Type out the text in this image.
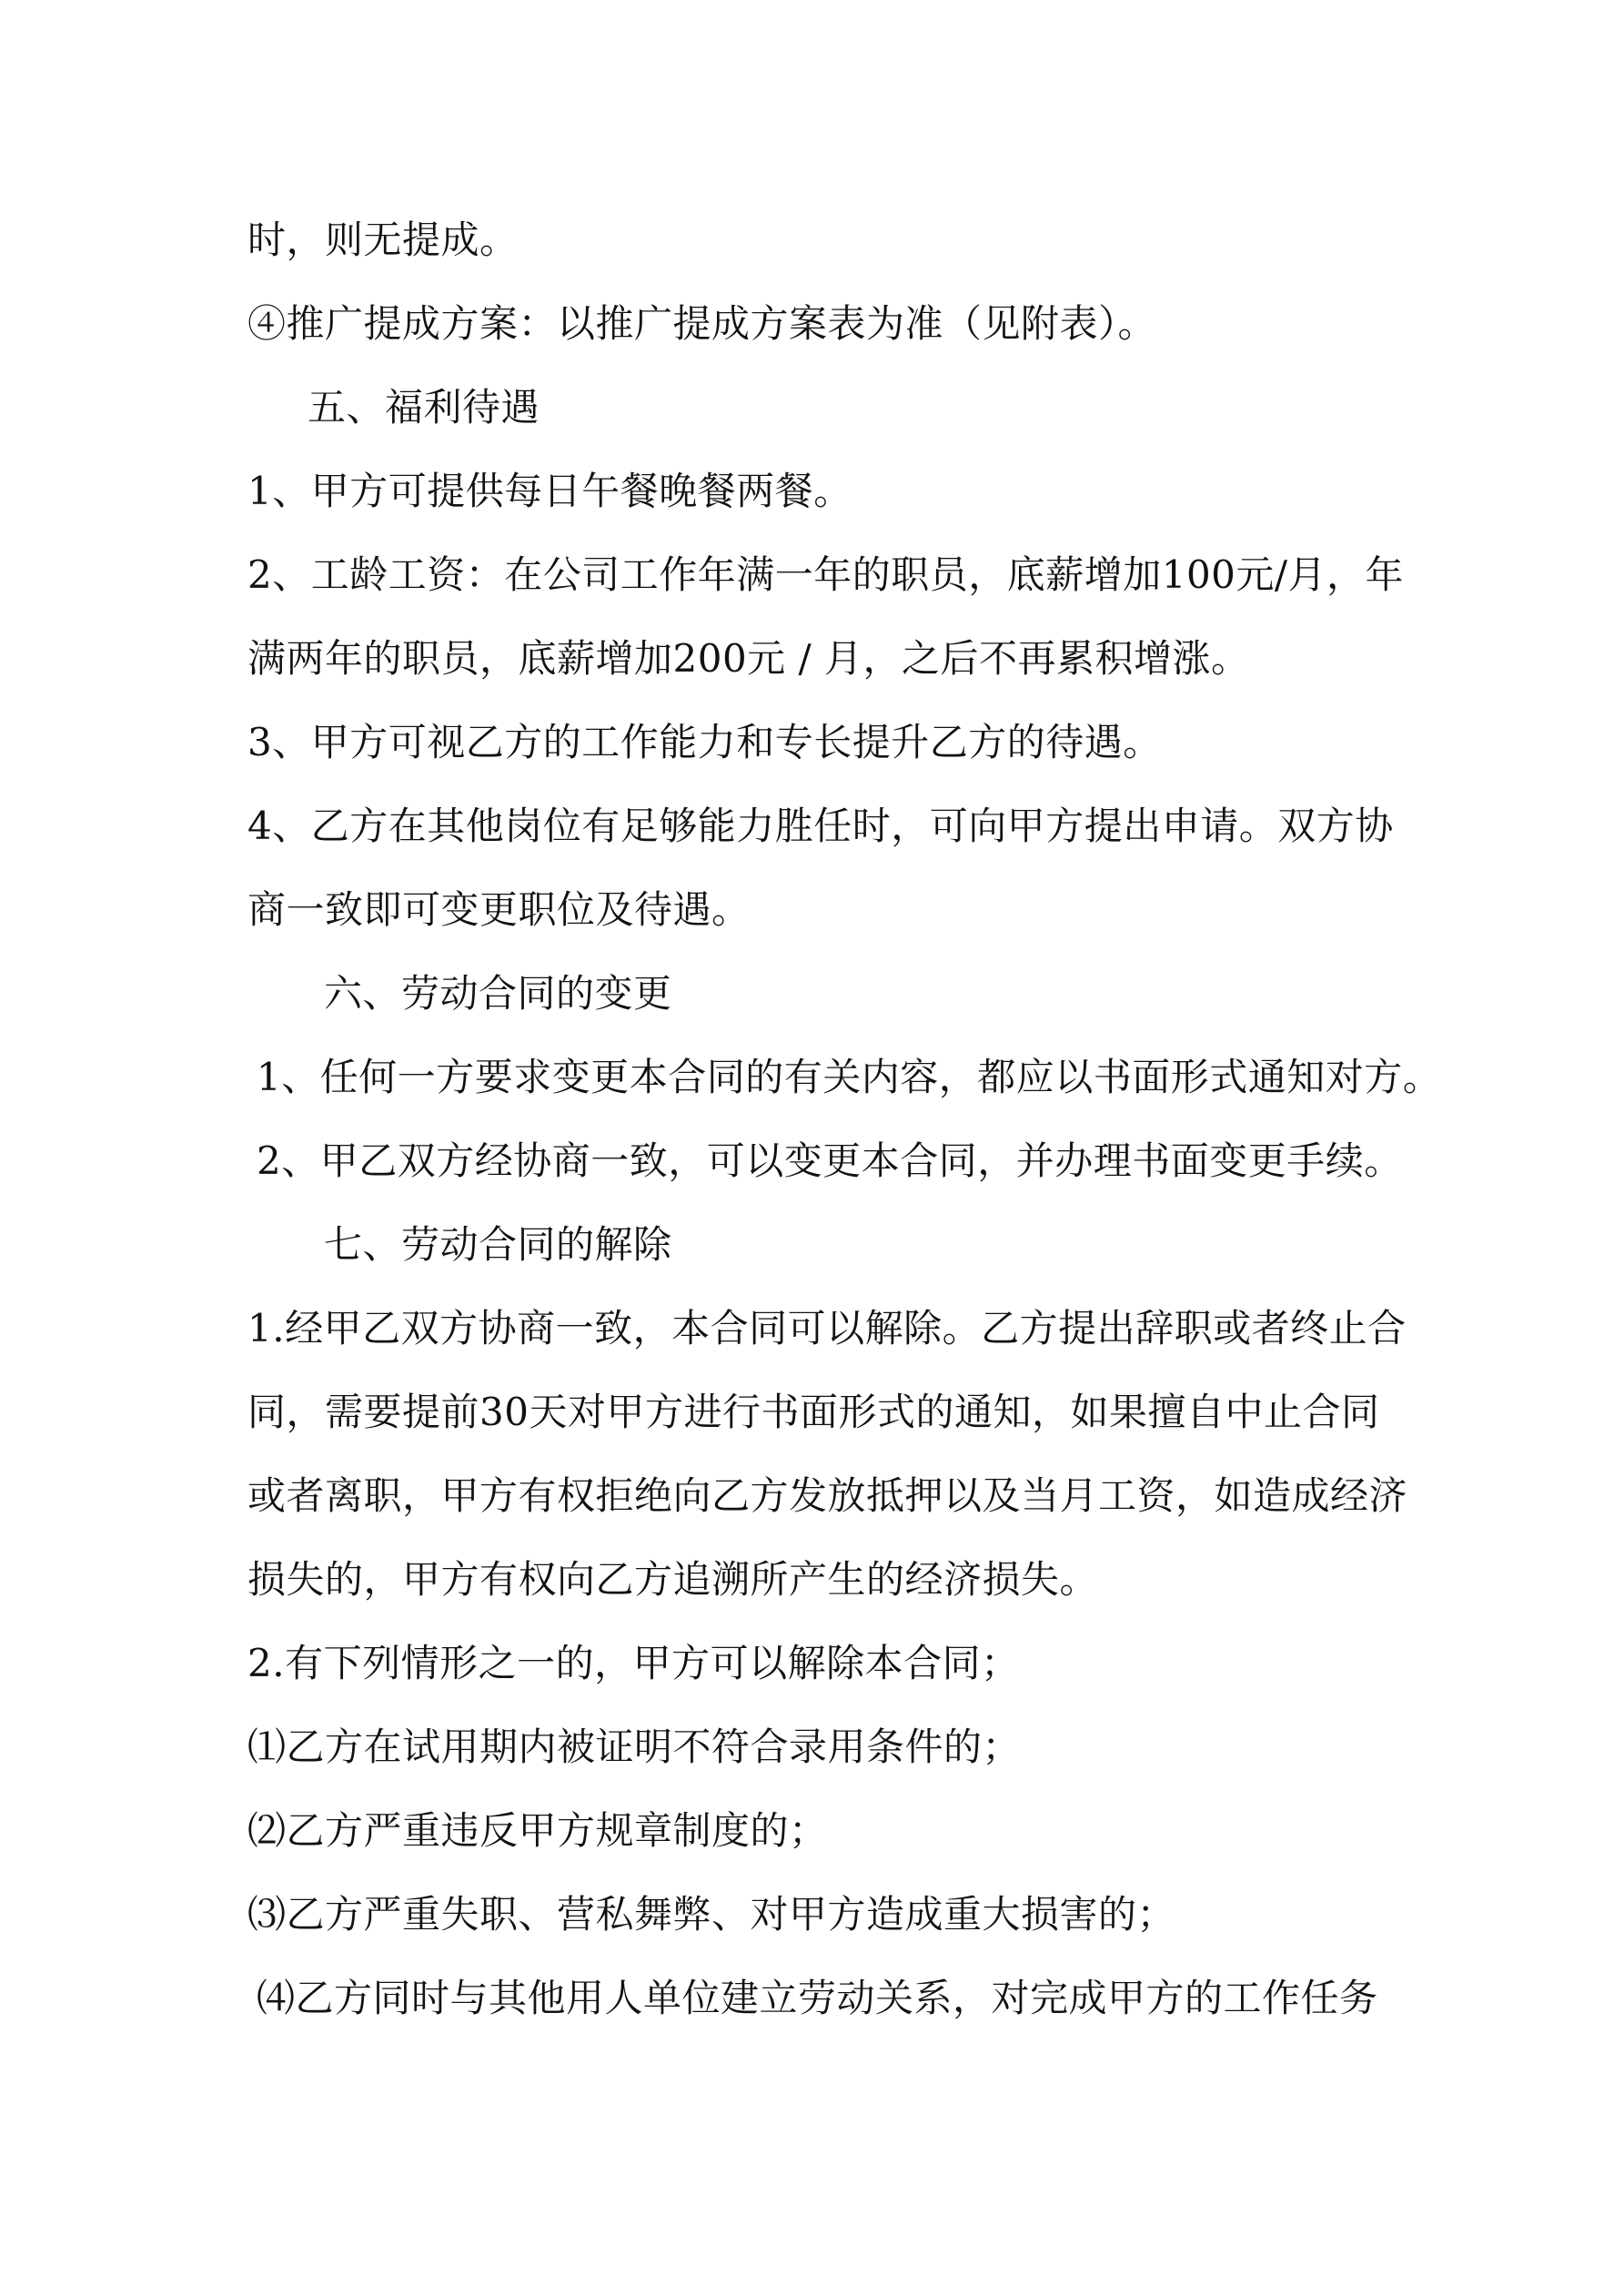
时，则无提成。
④推广提成方案：以推广提成方案表为准（见附表）。
五、福利待遇
1、甲方可提供每日午餐晚餐两餐。
2、工龄工资：在公司工作年满一年的职员，底薪增加100元/月，年
满两年的职员，底薪增加200元 / 月，之后不再累积增涨。
3、甲方可视乙方的工作能力和专长提升乙方的待遇。
4、乙方在其他岗位有足够能力胜任时，可向甲方提出申请。双方协
商一致即可变更职位及待遇。
六、劳动合同的变更
1、任何一方要求变更本合同的有关内容，都应以书面形式通知对方。
2、甲乙双方经协商一致，可以变更本合同，并办理书面变更手续。
七、劳动合同的解除
1.经甲乙双方协商一致，本合同可以解除。乙方提出辞职或者终止合
同，需要提前30天对甲方进行书面形式的通知，如果擅自中止合同
或者离职，甲方有权拒绝向乙方发放抵押以及当月工资，如造成经济
损失的，甲方有权向乙方追溯所产生的经济损失。
2.有下列情形之一的，甲方可以解除本合同；
⑴乙方在试用期内被证明不符合录用条件的；
⑵乙方严重违反甲方规章制度的；
⑶乙方严重失职、营私舞弊、对甲方造成重大损害的；
⑷乙方同时与其他用人单位建立劳动关系，对完成甲方的工作任务
